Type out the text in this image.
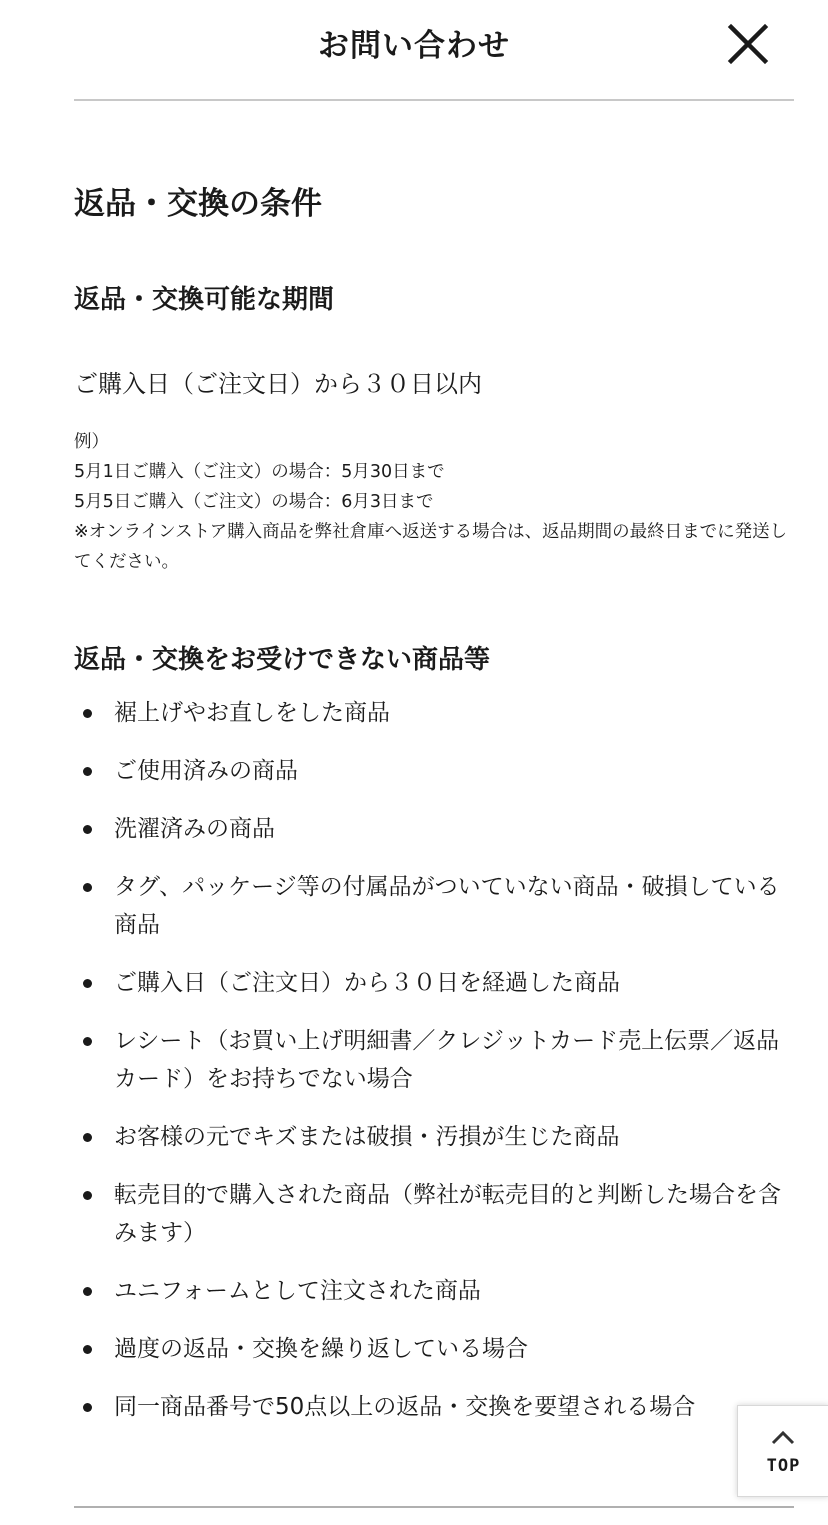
お問い合わせ
返品・交換の条件
返品・交換可能な期間
ご購入日（ご注文日）から３０日以内
例）
5月1日ご購入（ご注文）の場合：5月30日まで
5月5日ご購入（ご注文）の場合：6月3日まで
※オンラインストア購入商品を弊社倉庫へ返送する場合は、返品期間の最終日までに発送してください。
返品・交換をお受けできない商品等
裾上げやお直しをした商品
ご使用済みの商品
洗濯済みの商品
タグ、パッケージ等の付属品がついていない商品・破損している商品
ご購入日（ご注文日）から３０日を経過した商品
レシート（お買い上げ明細書／クレジットカード売上伝票／返品カード）をお持ちでない場合
お客様の元でキズまたは破損・汚損が生じた商品
転売目的で購入された商品（弊社が転売目的と判断した場合を含みます）
ユニフォームとして注文された商品
過度の返品・交換を繰り返している場合
同一商品番号で50点以上の返品・交換を要望される場合
TOP
